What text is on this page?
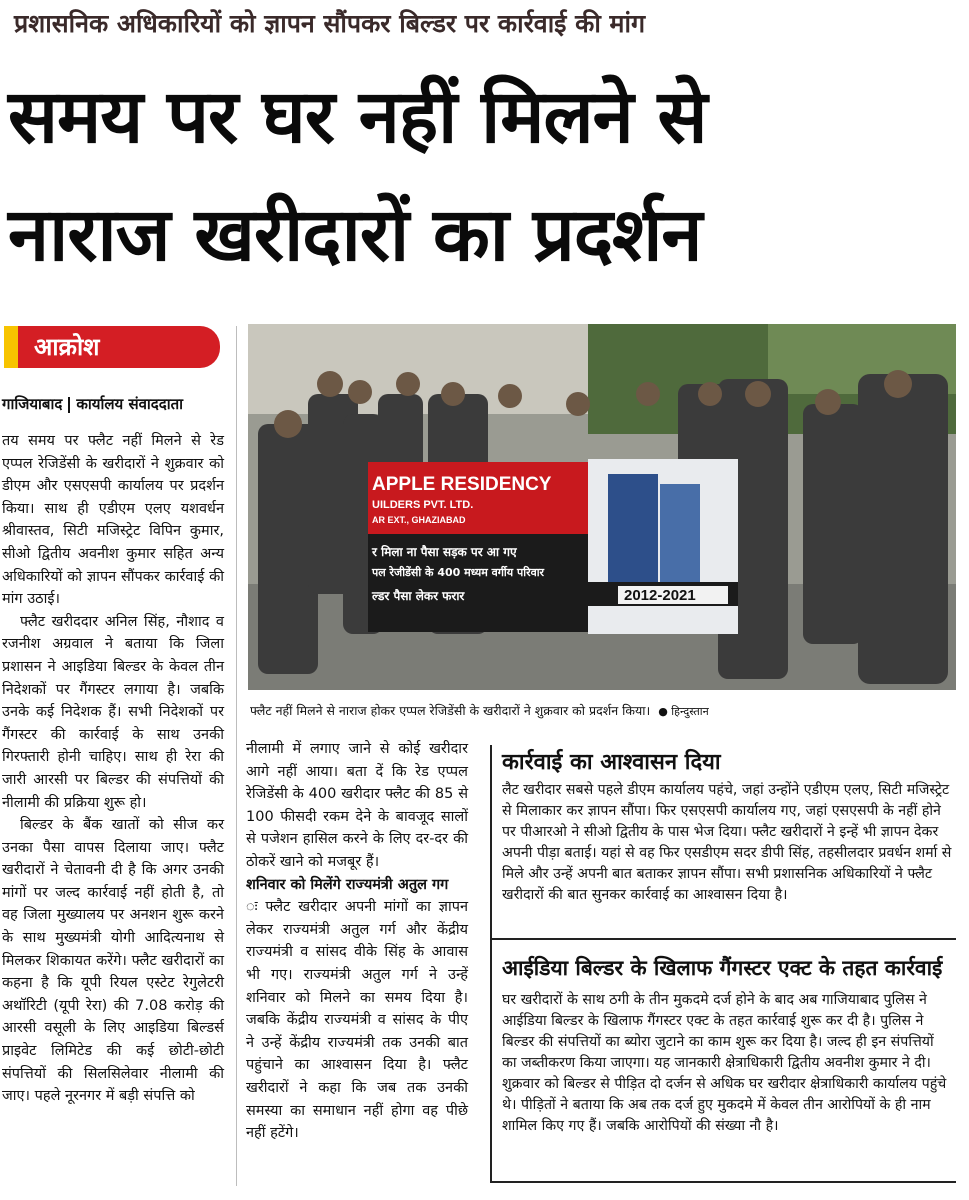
प्रशासनिक अधिकारियों को ज्ञापन सौंपकर बिल्डर पर कार्रवाई की मांग
समय पर घर नहीं मिलने से
नाराज खरीदारों का प्रदर्शन
आक्रोश
गाजियाबाद कार्यालय संवाददाता

तय समय पर फ्लैट नहीं मिलने से रेड एप्पल रेजिडेंसी के खरीदारों ने शुक्रवार को डीएम और एसएसपी कार्यालय पर प्रदर्शन किया। साथ ही एडीएम एलए यशवर्धन श्रीवास्तव, सिटी मजिस्ट्रेट विपिन कुमार, सीओ द्वितीय अवनीश कुमार सहित अन्य अधिकारियों को ज्ञापन सौंपकर कार्रवाई की मांग उठाई।

फ्लैट खरीददार अनिल सिंह, नौशाद व रजनीश अग्रवाल ने बताया कि जिला प्रशासन ने आइडिया बिल्डर के केवल तीन निदेशकों पर गैंगस्टर लगाया है। जबकि उनके कई निदेशक हैं। सभी निदेशकों पर गैंगस्टर की कार्रवाई के साथ उनकी गिरफ्तारी होनी चाहिए। साथ ही रेरा की जारी आरसी पर बिल्डर की संपत्तियों की नीलामी की प्रक्रिया शुरू हो।

बिल्डर के बैंक खातों को सीज कर उनका पैसा वापस दिलाया जाए। फ्लैट खरीदारों ने चेतावनी दी है कि अगर उनकी मांगों पर जल्द कार्रवाई नहीं होती है, तो वह जिला मुख्यालय पर अनशन शुरू करने के साथ मुख्यमंत्री योगी आदित्यनाथ से मिलकर शिकायत करेंगे। फ्लैट खरीदारों का कहना है कि यूपी रियल एस्टेट रेगुलेटरी अथॉरिटी (यूपी रेरा) की 7.08 करोड़ की आरसी वसूली के लिए आइडिया बिल्डर्स प्राइवेट लिमिटेड की कई छोटी-छोटी संपत्तियों की सिलसिलेवार नीलामी की जाए। पहले नूरनगर में बड़ी संपत्ति को

APPLE RESIDENCY
UILDERS PVT. LTD.
AR EXT., GHAZIABAD
र मिला ना पैसा सड़क पर आ गए
पल रेजीडेंसी के 400 मध्यम वर्गीय परिवार
ल्डर पैसा लेकर फरार	2012-2021
फ्लैट नहीं मिलने से नाराज होकर एप्पल रेजिडेंसी के खरीदारों ने शुक्रवार को प्रदर्शन किया। ● हिन्दुस्तान

नीलामी में लगाए जाने से कोई खरीदार आगे नहीं आया। बता दें कि रेड एप्पल रेजिडेंसी के 400 खरीदार फ्लैट की 85 से 100 फीसदी रकम देने के बावजूद सालों से पजेशन हासिल करने के लिए दर-दर की ठोकरें खाने को मजबूर हैं।

शनिवार को मिलेंगे राज्यमंत्री अतुल गग

ः फ्लैट खरीदार अपनी मांगों का ज्ञापन लेकर राज्यमंत्री अतुल गर्ग और केंद्रीय राज्यमंत्री व सांसद वीके सिंह के आवास भी गए। राज्यमंत्री अतुल गर्ग ने उन्हें शनिवार को मिलने का समय दिया है। जबकि केंद्रीय राज्यमंत्री व सांसद के पीए ने उन्हें केंद्रीय राज्यमंत्री तक उनकी बात पहुंचाने का आश्वासन दिया है। फ्लैट खरीदारों ने कहा कि जब तक उनकी समस्या का समाधान नहीं होगा वह पीछे नहीं हटेंगे।

कार्रवाई का आश्वासन दिया

लैट खरीदार सबसे पहले डीएम कार्यालय पहंचे, जहां उन्होंने एडीएम एलए, सिटी मजिस्ट्रेट से मिलाकार कर ज्ञापन सौंपा। फिर एसएसपी कार्यालय गए, जहां एसएसपी के नहीं होने पर पीआरओ ने सीओ द्वितीय के पास भेज दिया। फ्लैट खरीदारों ने इन्हें भी ज्ञापन देकर अपनी पीड़ा बताई। यहां से वह फिर एसडीएम सदर डीपी सिंह, तहसीलदार प्रवर्धन शर्मा से मिले और उन्हें अपनी बात बताकर ज्ञापन सौंपा। सभी प्रशासनिक अधिकारियों ने फ्लैट खरीदारों की बात सुनकर कार्रवाई का आश्वासन दिया है।

आईडिया बिल्डर के खिलाफ गैंगस्टर एक्ट के तहत कार्रवाई

घर खरीदारों के साथ ठगी के तीन मुकदमे दर्ज होने के बाद अब गाजियाबाद पुलिस ने आईडिया बिल्डर के खिलाफ गैंगस्टर एक्ट के तहत कार्रवाई शुरू कर दी है। पुलिस ने बिल्डर की संपत्तियों का ब्योरा जुटाने का काम शुरू कर दिया है। जल्द ही इन संपत्तियों का जब्तीकरण किया जाएगा। यह जानकारी क्षेत्राधिकारी द्वितीय अवनीश कुमार ने दी। शुक्रवार को बिल्डर से पीड़ित दो दर्जन से अधिक घर खरीदार क्षेत्राधिकारी कार्यालय पहुंचे थे। पीड़ितों ने बताया कि अब तक दर्ज हुए मुकदमे में केवल तीन आरोपियों के ही नाम शामिल किए गए हैं। जबकि आरोपियों की संख्या नौ है।
